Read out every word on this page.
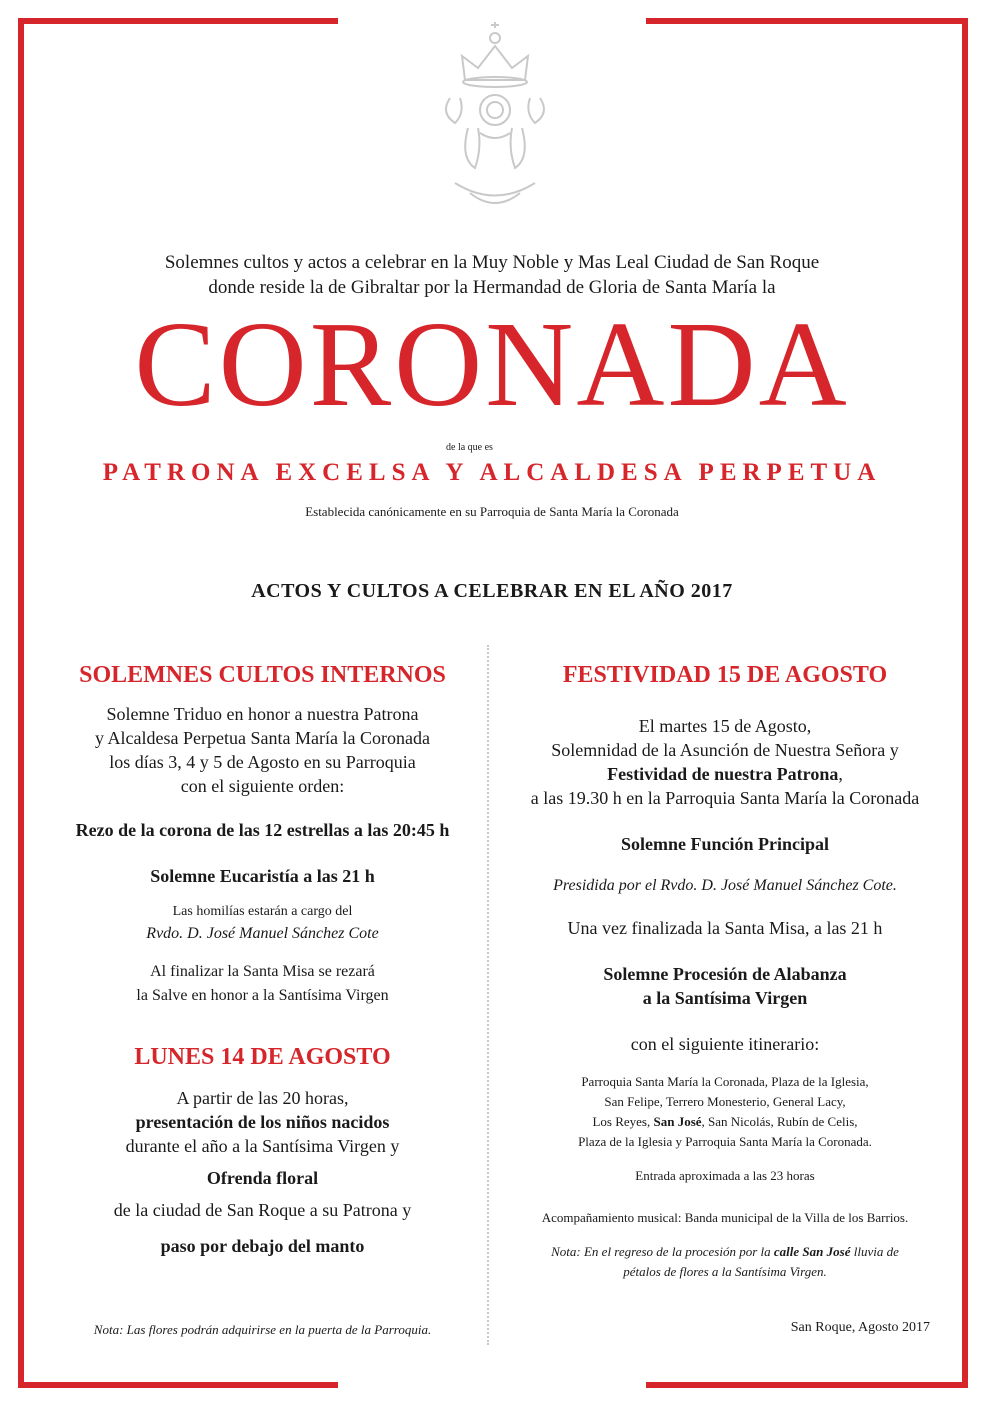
Solemnes cultos y actos a celebrar en la Muy Noble y Mas Leal Ciudad de San Roque
donde reside la de Gibraltar por la Hermandad de Gloria de Santa María la
CORONADA
de la que es
PATRONA EXCELSA Y ALCALDESA PERPETUA
Establecida canónicamente en su Parroquia de Santa María la Coronada
ACTOS Y CULTOS A CELEBRAR EN EL AÑO 2017
SOLEMNES CULTOS INTERNOS
Solemne Triduo en honor a nuestra Patrona
y Alcaldesa Perpetua Santa María la Coronada
los días 3, 4 y 5 de Agosto en su Parroquia
con el siguiente orden:
Rezo de la corona de las 12 estrellas a las 20:45 h
Solemne Eucaristía a las 21 h
Las homilías estarán a cargo del
Rvdo. D. José Manuel Sánchez Cote
Al finalizar la Santa Misa se rezará
la Salve en honor a la Santísima Virgen
LUNES 14 DE AGOSTO
A partir de las 20 horas,
presentación de los niños nacidos
durante el año a la Santísima Virgen y
Ofrenda floral
de la ciudad de San Roque a su Patrona y
paso por debajo del manto
Nota: Las flores podrán adquirirse en la puerta de la Parroquia.
FESTIVIDAD 15 DE AGOSTO
El martes 15 de Agosto,
Solemnidad de la Asunción de Nuestra Señora y
Festividad de nuestra Patrona,
a las 19.30 h en la Parroquia Santa María la Coronada
Solemne Función Principal
Presidida por el Rvdo. D. José Manuel Sánchez Cote.
Una vez finalizada la Santa Misa, a las 21 h
Solemne Procesión de Alabanza
a la Santísima Virgen
con el siguiente itinerario:
Parroquia Santa María la Coronada, Plaza de la Iglesia,
San Felipe, Terrero Monesterio, General Lacy,
Los Reyes, San José, San Nicolás, Rubín de Celis,
Plaza de la Iglesia y Parroquia Santa María la Coronada.
Entrada aproximada a las 23 horas
Acompañamiento musical: Banda municipal de la Villa de los Barrios.
Nota: En el regreso de la procesión por la calle San José lluvia de
pétalos de flores a la Santísima Virgen.
San Roque, Agosto 2017
